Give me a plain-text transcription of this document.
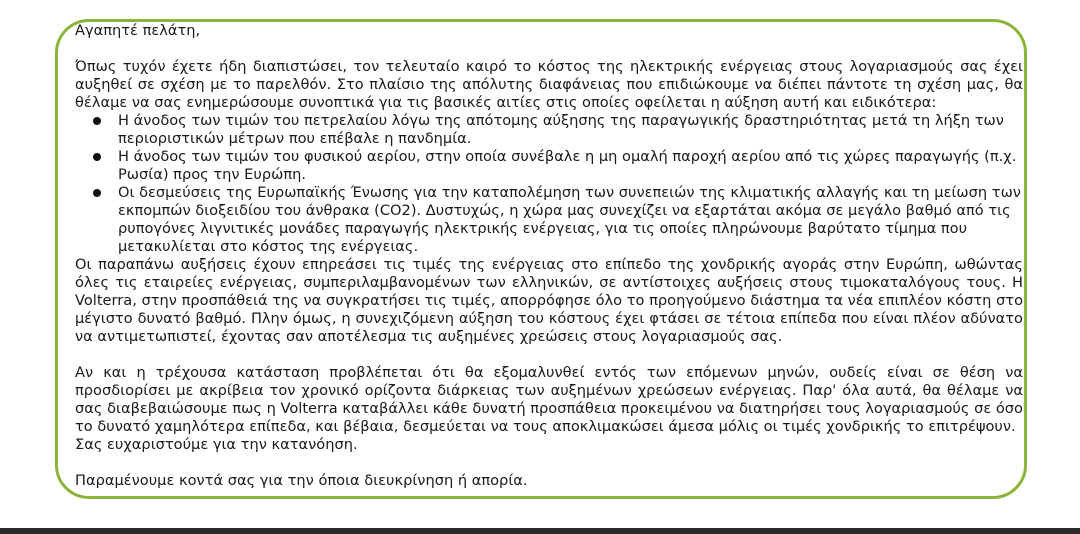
Αγαπητέ πελάτη,

Όπως τυχόν έχετε ήδη διαπιστώσει, τον τελευταίο καιρό το κόστος της ηλεκτρικής ενέργειας στους λογαριασμούς σας έχει αυξηθεί σε σχέση με το παρελθόν. Στο πλαίσιο της απόλυτης διαφάνειας που επιδιώκουμε να διέπει πάντοτε τη σχέση μας, θα θέλαμε να σας ενημερώσουμε συνοπτικά για τις βασικές αιτίες στις οποίες οφείλεται η αύξηση αυτή και ειδικότερα:

Η άνοδος των τιμών του πετρελαίου λόγω της απότομης αύξησης της παραγωγικής δραστηριότητας μετά τη λήξη των περιοριστικών μέτρων που επέβαλε η πανδημία.
Η άνοδος των τιμών του φυσικού αερίου, στην οποία συνέβαλε η μη ομαλή παροχή αερίου από τις χώρες παραγωγής (π.χ. Ρωσία) προς την Ευρώπη.
Οι δεσμεύσεις της Ευρωπαϊκής Ένωσης για την καταπολέμηση των συνεπειών της κλιματικής αλλαγής και τη μείωση των εκπομπών διοξειδίου του άνθρακα (CO2). Δυστυχώς, η χώρα μας συνεχίζει να εξαρτάται ακόμα σε μεγάλο βαθμό από τις ρυπογόνες λιγνιτικές μονάδες παραγωγής ηλεκτρικής ενέργειας, για τις οποίες πληρώνουμε βαρύτατο τίμημα που μετακυλίεται στο κόστος της ενέργειας.

Οι παραπάνω αυξήσεις έχουν επηρεάσει τις τιμές της ενέργειας στο επίπεδο της χονδρικής αγοράς στην Ευρώπη, ωθώντας όλες τις εταιρείες ενέργειας, συμπεριλαμβανομένων των ελληνικών, σε αντίστοιχες αυξήσεις στους τιμοκαταλόγους τους. Η Volterra, στην προσπάθειά της να συγκρατήσει τις τιμές, απορρόφησε όλο το προηγούμενο διάστημα τα νέα επιπλέον κόστη στο μέγιστο δυνατό βαθμό. Πλην όμως, η συνεχιζόμενη αύξηση του κόστους έχει φτάσει σε τέτοια επίπεδα που είναι πλέον αδύνατο να αντιμετωπιστεί, έχοντας σαν αποτέλεσμα τις αυξημένες χρεώσεις στους λογαριασμούς σας.

Αν και η τρέχουσα κατάσταση προβλέπεται ότι θα εξομαλυνθεί εντός των επόμενων μηνών, ουδείς είναι σε θέση να προσδιορίσει με ακρίβεια τον χρονικό ορίζοντα διάρκειας των αυξημένων χρεώσεων ενέργειας. Παρ' όλα αυτά, θα θέλαμε να σας διαβεβαιώσουμε πως η Volterra καταβάλλει κάθε δυνατή προσπάθεια προκειμένου να διατηρήσει τους λογαριασμούς σε όσο το δυνατό χαμηλότερα επίπεδα, και βέβαια, δεσμεύεται να τους αποκλιμακώσει άμεσα μόλις οι τιμές χονδρικής το επιτρέψουν.

Σας ευχαριστούμε για την κατανόηση.

Παραμένουμε κοντά σας για την όποια διευκρίνηση ή απορία.
